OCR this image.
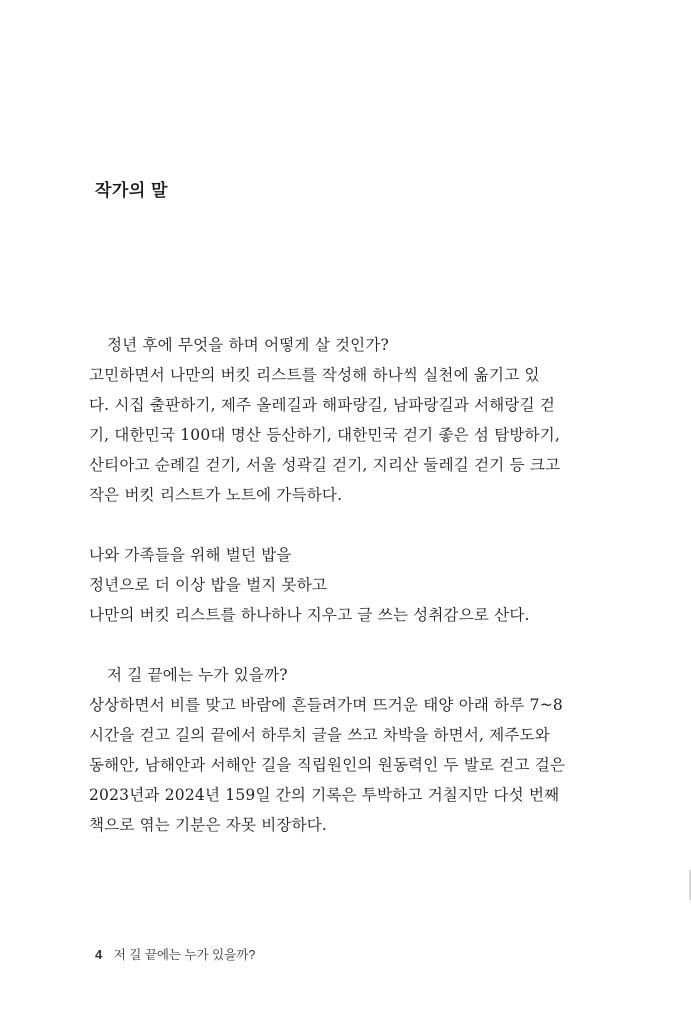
작가의 말
정년 후에 무엇을 하며 어떻게 살 것인가?
고민하면서 나만의 버킷 리스트를 작성해 하나씩 실천에 옮기고 있
다. 시집 출판하기, 제주 올레길과 해파랑길, 남파랑길과 서해랑길 걷
기, 대한민국 100대 명산 등산하기, 대한민국 걷기 좋은 섬 탐방하기,
산티아고 순례길 걷기, 서울 성곽길 걷기, 지리산 둘레길 걷기 등 크고
작은 버킷 리스트가 노트에 가득하다.
나와 가족들을 위해 벌던 밥을
정년으로 더 이상 밥을 벌지 못하고
나만의 버킷 리스트를 하나하나 지우고 글 쓰는 성취감으로 산다.
저 길 끝에는 누가 있을까?
상상하면서 비를 맞고 바람에 흔들려가며 뜨거운 태양 아래 하루 7~8
시간을 걷고 길의 끝에서 하루치 글을 쓰고 차박을 하면서, 제주도와
동해안, 남해안과 서해안 길을 직립원인의 원동력인 두 발로 걷고 걸은
2023년과 2024년 159일 간의 기록은 투박하고 거칠지만 다섯 번째
책으로 엮는 기분은 자못 비장하다.
4 저 길 끝에는 누가 있을까?
